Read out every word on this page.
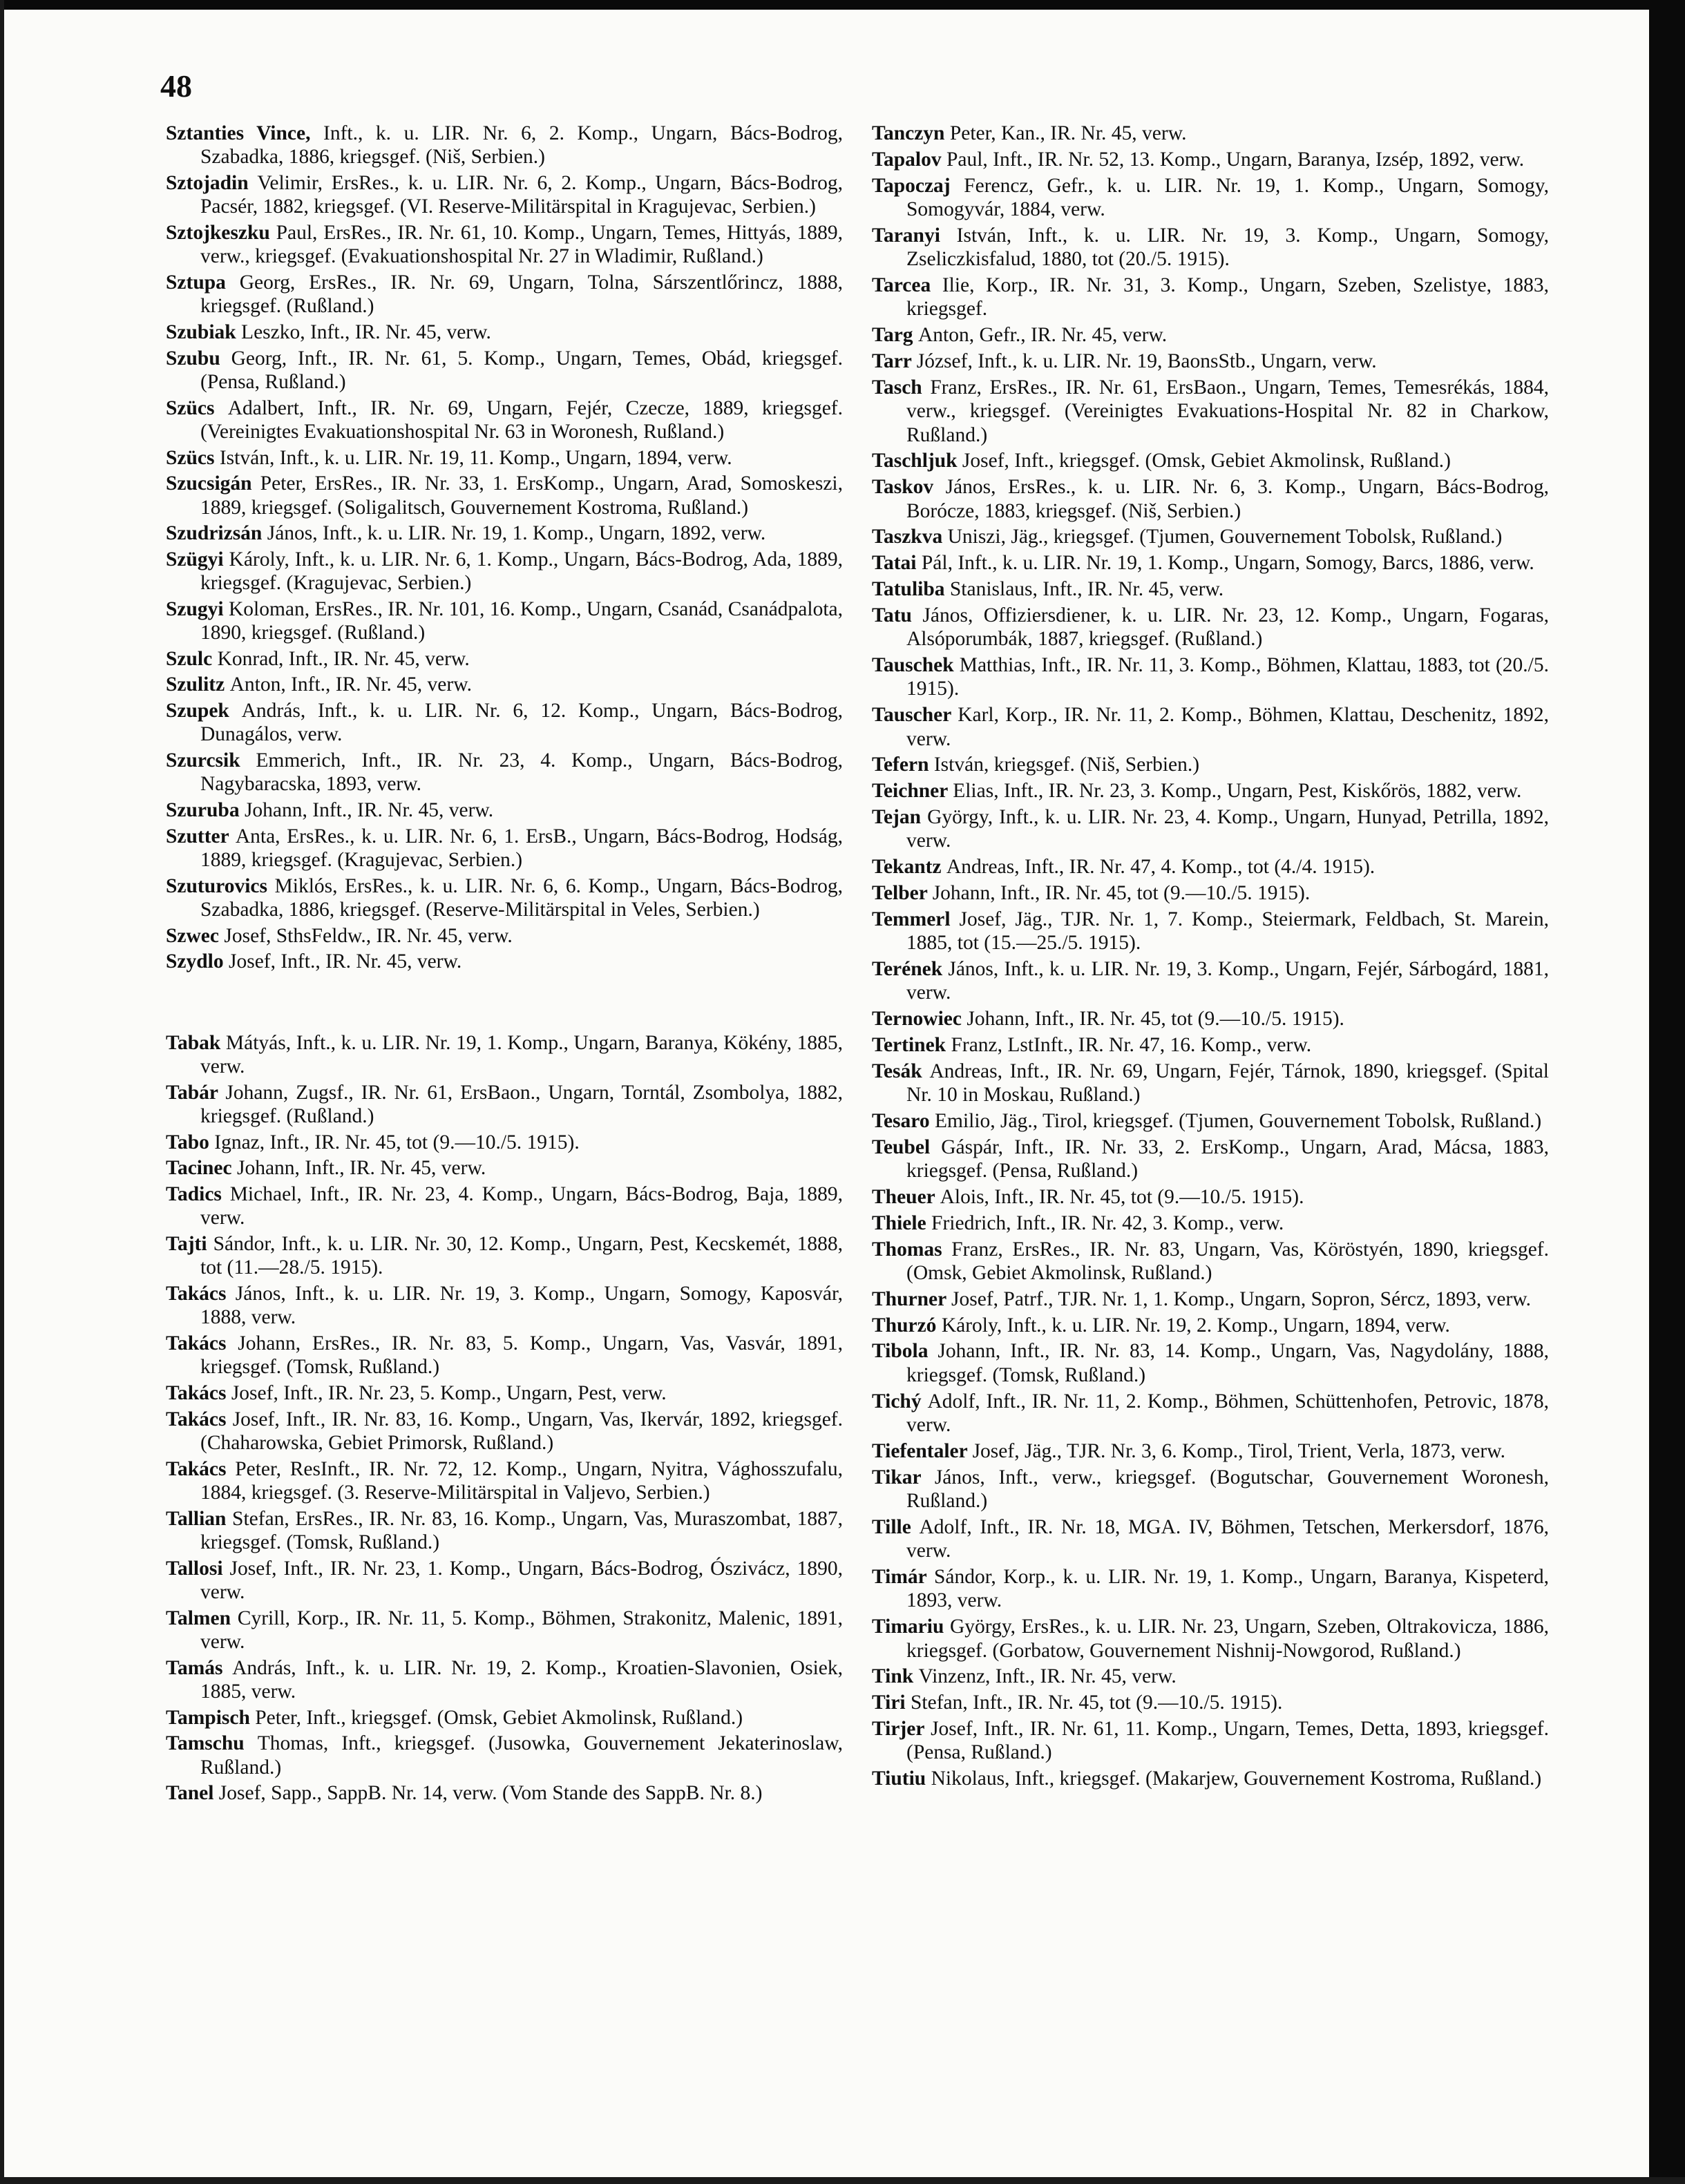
48

Sztanties Vince, Inft., k. u. LIR. Nr. 6, 2. Komp., Ungarn, Bács-Bodrog, Szabadka, 1886, kriegsgef. (Niš, Serbien.)

Sztojadin Velimir, ErsRes., k. u. LIR. Nr. 6, 2. Komp., Ungarn, Bács-Bodrog, Pacsér, 1882, kriegsgef. (VI. Reserve-Militärspital in Kragujevac, Serbien.)

Sztojkeszku Paul, ErsRes., IR. Nr. 61, 10. Komp., Ungarn, Temes, Hittyás, 1889, verw., kriegsgef. (Evakuationshospital Nr. 27 in Wladimir, Rußland.)

Sztupa Georg, ErsRes., IR. Nr. 69, Ungarn, Tolna, Sárszentlőrincz, 1888, kriegsgef. (Rußland.)

Szubiak Leszko, Inft., IR. Nr. 45, verw.

Szubu Georg, Inft., IR. Nr. 61, 5. Komp., Ungarn, Temes, Obád, kriegsgef. (Pensa, Rußland.)

Szücs Adalbert, Inft., IR. Nr. 69, Ungarn, Fejér, Czecze, 1889, kriegsgef. (Vereinigtes Evakuationshospital Nr. 63 in Woronesh, Rußland.)

Szücs István, Inft., k. u. LIR. Nr. 19, 11. Komp., Ungarn, 1894, verw.

Szucsigán Peter, ErsRes., IR. Nr. 33, 1. ErsKomp., Ungarn, Arad, Somoskeszi, 1889, kriegsgef. (Soligalitsch, Gouvernement Kostroma, Rußland.)

Szudrizsán János, Inft., k. u. LIR. Nr. 19, 1. Komp., Ungarn, 1892, verw.

Szügyi Károly, Inft., k. u. LIR. Nr. 6, 1. Komp., Ungarn, Bács-Bodrog, Ada, 1889, kriegsgef. (Kragujevac, Serbien.)

Szugyi Koloman, ErsRes., IR. Nr. 101, 16. Komp., Ungarn, Csanád, Csanádpalota, 1890, kriegsgef. (Rußland.)

Szulc Konrad, Inft., IR. Nr. 45, verw.

Szulitz Anton, Inft., IR. Nr. 45, verw.

Szupek András, Inft., k. u. LIR. Nr. 6, 12. Komp., Ungarn, Bács-Bodrog, Dunagálos, verw.

Szurcsik Emmerich, Inft., IR. Nr. 23, 4. Komp., Ungarn, Bács-Bodrog, Nagybaracska, 1893, verw.

Szuruba Johann, Inft., IR. Nr. 45, verw.

Szutter Anta, ErsRes., k. u. LIR. Nr. 6, 1. ErsB., Ungarn, Bács-Bodrog, Hodság, 1889, kriegsgef. (Kragujevac, Serbien.)

Szuturovics Miklós, ErsRes., k. u. LIR. Nr. 6, 6. Komp., Ungarn, Bács-Bodrog, Szabadka, 1886, kriegsgef. (Reserve-Militärspital in Veles, Serbien.)

Szwec Josef, SthsFeldw., IR. Nr. 45, verw.

Szydlo Josef, Inft., IR. Nr. 45, verw.

Tabak Mátyás, Inft., k. u. LIR. Nr. 19, 1. Komp., Ungarn, Baranya, Kökény, 1885, verw.

Tabár Johann, Zugsf., IR. Nr. 61, ErsBaon., Ungarn, Torntál, Zsombolya, 1882, kriegsgef. (Rußland.)

Tabo Ignaz, Inft., IR. Nr. 45, tot (9.—10./5. 1915).

Tacinec Johann, Inft., IR. Nr. 45, verw.

Tadics Michael, Inft., IR. Nr. 23, 4. Komp., Ungarn, Bács-Bodrog, Baja, 1889, verw.

Tajti Sándor, Inft., k. u. LIR. Nr. 30, 12. Komp., Ungarn, Pest, Kecskemét, 1888, tot (11.—28./5. 1915).

Takács János, Inft., k. u. LIR. Nr. 19, 3. Komp., Ungarn, Somogy, Kaposvár, 1888, verw.

Takács Johann, ErsRes., IR. Nr. 83, 5. Komp., Ungarn, Vas, Vasvár, 1891, kriegsgef. (Tomsk, Rußland.)

Takács Josef, Inft., IR. Nr. 23, 5. Komp., Ungarn, Pest, verw.

Takács Josef, Inft., IR. Nr. 83, 16. Komp., Ungarn, Vas, Ikervár, 1892, kriegsgef. (Chaharowska, Gebiet Primorsk, Rußland.)

Takács Peter, ResInft., IR. Nr. 72, 12. Komp., Ungarn, Nyitra, Vághosszufalu, 1884, kriegsgef. (3. Reserve-Militärspital in Valjevo, Serbien.)

Tallian Stefan, ErsRes., IR. Nr. 83, 16. Komp., Ungarn, Vas, Muraszombat, 1887, kriegsgef. (Tomsk, Rußland.)

Tallosi Josef, Inft., IR. Nr. 23, 1. Komp., Ungarn, Bács-Bodrog, Ószivácz, 1890, verw.

Talmen Cyrill, Korp., IR. Nr. 11, 5. Komp., Böhmen, Strakonitz, Malenic, 1891, verw.

Tamás András, Inft., k. u. LIR. Nr. 19, 2. Komp., Kroatien-Slavonien, Osiek, 1885, verw.

Tampisch Peter, Inft., kriegsgef. (Omsk, Gebiet Akmolinsk, Rußland.)

Tamschu Thomas, Inft., kriegsgef. (Jusowka, Gouvernement Jekaterinoslaw, Rußland.)

Tanel Josef, Sapp., SappB. Nr. 14, verw. (Vom Stande des SappB. Nr. 8.)

Tanczyn Peter, Kan., IR. Nr. 45, verw.

Tapalov Paul, Inft., IR. Nr. 52, 13. Komp., Ungarn, Baranya, Izsép, 1892, verw.

Tapoczaj Ferencz, Gefr., k. u. LIR. Nr. 19, 1. Komp., Ungarn, Somogy, Somogyvár, 1884, verw.

Taranyi István, Inft., k. u. LIR. Nr. 19, 3. Komp., Ungarn, Somogy, Zseliczkisfalud, 1880, tot (20./5. 1915).

Tarcea Ilie, Korp., IR. Nr. 31, 3. Komp., Ungarn, Szeben, Szelistye, 1883, kriegsgef.

Targ Anton, Gefr., IR. Nr. 45, verw.

Tarr József, Inft., k. u. LIR. Nr. 19, BaonsStb., Ungarn, verw.

Tasch Franz, ErsRes., IR. Nr. 61, ErsBaon., Ungarn, Temes, Temesrékás, 1884, verw., kriegsgef. (Vereinigtes Evakuations-Hospital Nr. 82 in Charkow, Rußland.)

Taschljuk Josef, Inft., kriegsgef. (Omsk, Gebiet Akmolinsk, Rußland.)

Taskov János, ErsRes., k. u. LIR. Nr. 6, 3. Komp., Ungarn, Bács-Bodrog, Borócze, 1883, kriegsgef. (Niš, Serbien.)

Taszkva Uniszi, Jäg., kriegsgef. (Tjumen, Gouvernement Tobolsk, Rußland.)

Tatai Pál, Inft., k. u. LIR. Nr. 19, 1. Komp., Ungarn, Somogy, Barcs, 1886, verw.

Tatuliba Stanislaus, Inft., IR. Nr. 45, verw.

Tatu János, Offiziersdiener, k. u. LIR. Nr. 23, 12. Komp., Ungarn, Fogaras, Alsóporumbák, 1887, kriegsgef. (Rußland.)

Tauschek Matthias, Inft., IR. Nr. 11, 3. Komp., Böhmen, Klattau, 1883, tot (20./5. 1915).

Tauscher Karl, Korp., IR. Nr. 11, 2. Komp., Böhmen, Klattau, Deschenitz, 1892, verw.

Tefern István, kriegsgef. (Niš, Serbien.)

Teichner Elias, Inft., IR. Nr. 23, 3. Komp., Ungarn, Pest, Kiskőrös, 1882, verw.

Tejan György, Inft., k. u. LIR. Nr. 23, 4. Komp., Ungarn, Hunyad, Petrilla, 1892, verw.

Tekantz Andreas, Inft., IR. Nr. 47, 4. Komp., tot (4./4. 1915).

Telber Johann, Inft., IR. Nr. 45, tot (9.—10./5. 1915).

Temmerl Josef, Jäg., TJR. Nr. 1, 7. Komp., Steiermark, Feldbach, St. Marein, 1885, tot (15.—25./5. 1915).

Terének János, Inft., k. u. LIR. Nr. 19, 3. Komp., Ungarn, Fejér, Sárbogárd, 1881, verw.

Ternowiec Johann, Inft., IR. Nr. 45, tot (9.—10./5. 1915).

Tertinek Franz, LstInft., IR. Nr. 47, 16. Komp., verw.

Tesák Andreas, Inft., IR. Nr. 69, Ungarn, Fejér, Tárnok, 1890, kriegsgef. (Spital Nr. 10 in Moskau, Rußland.)

Tesaro Emilio, Jäg., Tirol, kriegsgef. (Tjumen, Gouvernement Tobolsk, Rußland.)

Teubel Gáspár, Inft., IR. Nr. 33, 2. ErsKomp., Ungarn, Arad, Mácsa, 1883, kriegsgef. (Pensa, Rußland.)

Theuer Alois, Inft., IR. Nr. 45, tot (9.—10./5. 1915).

Thiele Friedrich, Inft., IR. Nr. 42, 3. Komp., verw.

Thomas Franz, ErsRes., IR. Nr. 83, Ungarn, Vas, Köröstyén, 1890, kriegsgef. (Omsk, Gebiet Akmolinsk, Rußland.)

Thurner Josef, Patrf., TJR. Nr. 1, 1. Komp., Ungarn, Sopron, Sércz, 1893, verw.

Thurzó Károly, Inft., k. u. LIR. Nr. 19, 2. Komp., Ungarn, 1894, verw.

Tibola Johann, Inft., IR. Nr. 83, 14. Komp., Ungarn, Vas, Nagydolány, 1888, kriegsgef. (Tomsk, Rußland.)

Tichý Adolf, Inft., IR. Nr. 11, 2. Komp., Böhmen, Schüttenhofen, Petrovic, 1878, verw.

Tiefentaler Josef, Jäg., TJR. Nr. 3, 6. Komp., Tirol, Trient, Verla, 1873, verw.

Tikar János, Inft., verw., kriegsgef. (Bogutschar, Gouvernement Woronesh, Rußland.)

Tille Adolf, Inft., IR. Nr. 18, MGA. IV, Böhmen, Tetschen, Merkersdorf, 1876, verw.

Timár Sándor, Korp., k. u. LIR. Nr. 19, 1. Komp., Ungarn, Baranya, Kispeterd, 1893, verw.

Timariu György, ErsRes., k. u. LIR. Nr. 23, Ungarn, Szeben, Oltrakovicza, 1886, kriegsgef. (Gorbatow, Gouvernement Nishnij-Nowgorod, Rußland.)

Tink Vinzenz, Inft., IR. Nr. 45, verw.

Tiri Stefan, Inft., IR. Nr. 45, tot (9.—10./5. 1915).

Tirjer Josef, Inft., IR. Nr. 61, 11. Komp., Ungarn, Temes, Detta, 1893, kriegsgef. (Pensa, Rußland.)

Tiutiu Nikolaus, Inft., kriegsgef. (Makarjew, Gouvernement Kostroma, Rußland.)
